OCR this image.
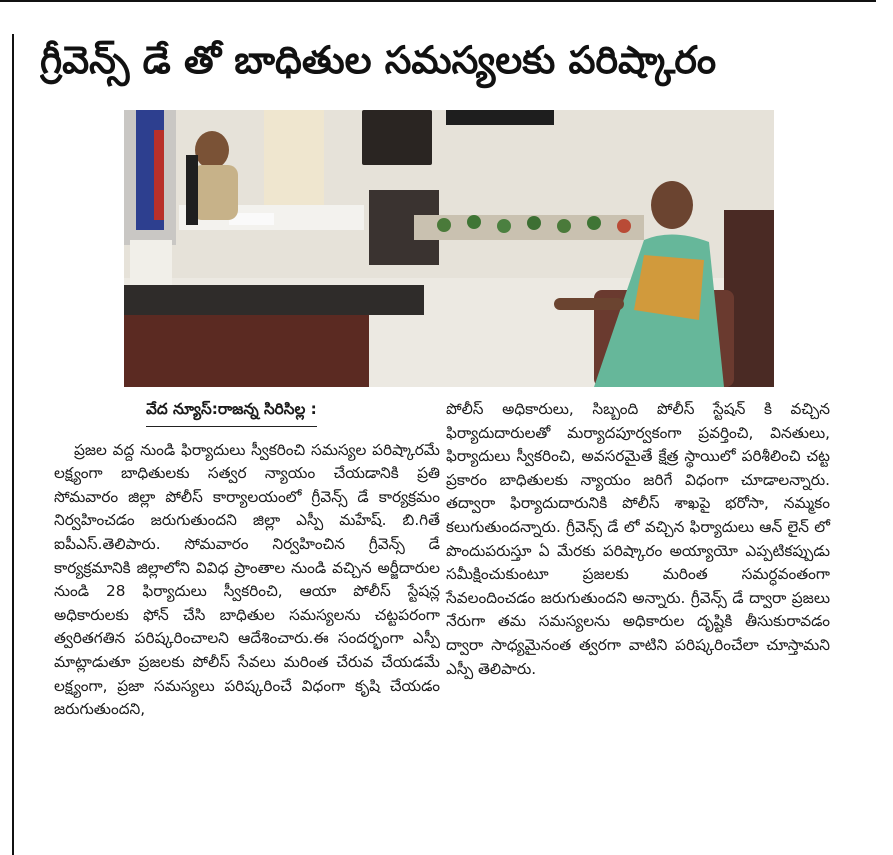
గ్రీవెన్స్ డే తో బాధితుల సమస్యలకు పరిష్కారం
వేద న్యూస్:రాజన్న సిరిసిల్ల :

ప్రజల వద్ద నుండి ఫిర్యాదులు స్వీకరించి సమస్యల పరిష్కారమే లక్ష్యంగా బాధితులకు సత్వర న్యాయం చేయడానికి ప్రతి సోమవారం జిల్లా పోలీస్ కార్యాలయంలో గ్రీవెన్స్ డే కార్యక్రమం నిర్వహించడం జరుగుతుందని జిల్లా ఎస్పీ మహేష్. బి.గితే ఐపీఎస్.తెలిపారు. సోమవారం నిర్వహించిన గ్రీవెన్స్ డే కార్యక్రమానికి జిల్లాలోని వివిధ ప్రాంతాల నుండి వచ్చిన అర్జీదారుల నుండి 28 ఫిర్యాదులు స్వీకరించి, ఆయా పోలీస్ స్టేషన్ల అధికారులకు ఫోన్ చేసి బాధితుల సమస్యలను చట్టపరంగా త్వరితగతిన పరిష్కరించాలని ఆదేశించారు.ఈ సందర్భంగా ఎస్పీ మాట్లాడుతూ ప్రజలకు పోలీస్ సేవలు మరింత చేరువ చేయడమే లక్ష్యంగా, ప్రజా సమస్యలు పరిష్కరించే విధంగా కృషి చేయడం జరుగుతుందని,

పోలీస్ అధికారులు, సిబ్బంది పోలీస్ స్టేషన్ కి వచ్చిన ఫిర్యాదుదారులతో మర్యాదపూర్వకంగా ప్రవర్తించి, వినతులు, ఫిర్యాదులు స్వీకరించి, అవసరమైతే క్షేత్ర స్థాయిలో పరిశీలించి చట్ట ప్రకారం బాధితులకు న్యాయం జరిగే విధంగా చూడాలన్నారు. తద్వారా ఫిర్యాదుదారునికి పోలీస్ శాఖపై భరోసా, నమ్మకం కలుగుతుందన్నారు. గ్రీవెన్స్ డే లో వచ్చిన ఫిర్యాదులు ఆన్ లైన్ లో పొందుపరుస్తూ ఏ మేరకు పరిష్కారం అయ్యాయో ఎప్పటికప్పుడు సమీక్షించుకుంటూ ప్రజలకు మరింత సమర్ధవంతంగా సేవలందించడం జరుగుతుందని అన్నారు. గ్రీవెన్స్ డే ద్వారా ప్రజలు నేరుగా తమ సమస్యలను అధికారుల దృష్టికి తీసుకురావడం ద్వారా సాధ్యమైనంత త్వరగా వాటిని పరిష్కరించేలా చూస్తామని ఎస్పీ తెలిపారు.
